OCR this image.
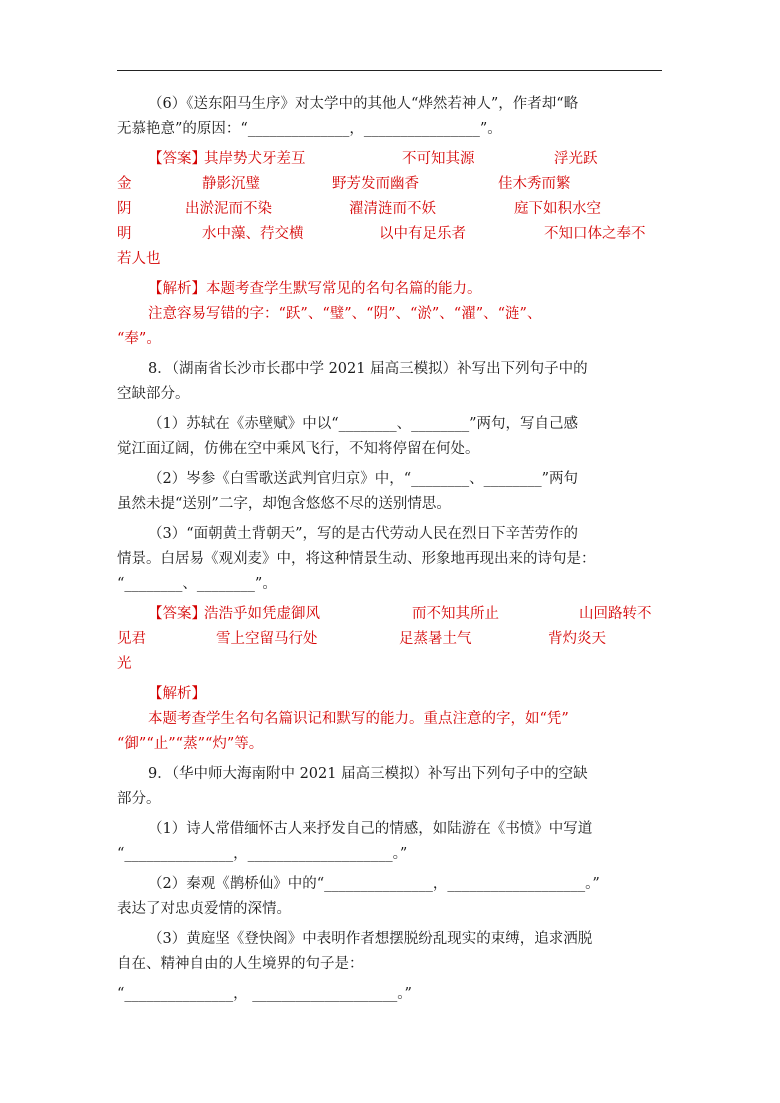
（6）《送东阳马生序》对太学中的其他人“烨然若神人”，作者却“略
无慕艳意”的原因：“______________，________________”。
【答案】
其岸势犬牙差互	不可知其源	浮光跃
金	静影沉璧	野芳发而幽香	佳木秀而繁
阴	出淤泥而不染	濯清涟而不妖	庭下如积水空
明	水中藻、荇交横	以中有足乐者	不知口体之奉不
若人也
【解析】本题考查学生默写常见的名句名篇的能力。
注意容易写错的字：“跃”、“璧”、“阴”、“淤”、“濯”、“涟”、
“奉”。
8．（湖南省长沙市长郡中学 2021 届高三模拟）补写出下列句子中的
空缺部分。
（1）苏轼在《赤壁赋》中以“________、________”两句，写自己感
觉江面辽阔，仿佛在空中乘风飞行，不知将停留在何处。
（2）岑参《白雪歌送武判官归京》中，“________、________”两句
虽然未提“送别”二字，却饱含悠悠不尽的送别情思。
（3）“面朝黄土背朝天”，写的是古代劳动人民在烈日下辛苦劳作的
情景。白居易《观刈麦》中，将这种情景生动、形象地再现出来的诗句是：
“________、________”。
【答案】
浩浩乎如凭虚御风	而不知其所止	山回路转不
见君	雪上空留马行处	足蒸暑土气	背灼炎天
光
【解析】
本题考查学生名句名篇识记和默写的能力。重点注意的字，如“凭”
“御”“止”“蒸”“灼”等。
9．（华中师大海南附中 2021 届高三模拟）补写出下列句子中的空缺
部分。
（1）诗人常借缅怀古人来抒发自己的情感，如陆游在《书愤》中写道
“_______________，____________________。”
（2）秦观《鹊桥仙》中的“_______________，___________________。”
表达了对忠贞爱情的深情。
（3）黄庭坚《登快阁》中表明作者想摆脱纷乱现实的束缚，追求洒脱
自在、精神自由的人生境界的句子是：
“_______________， ____________________。”
